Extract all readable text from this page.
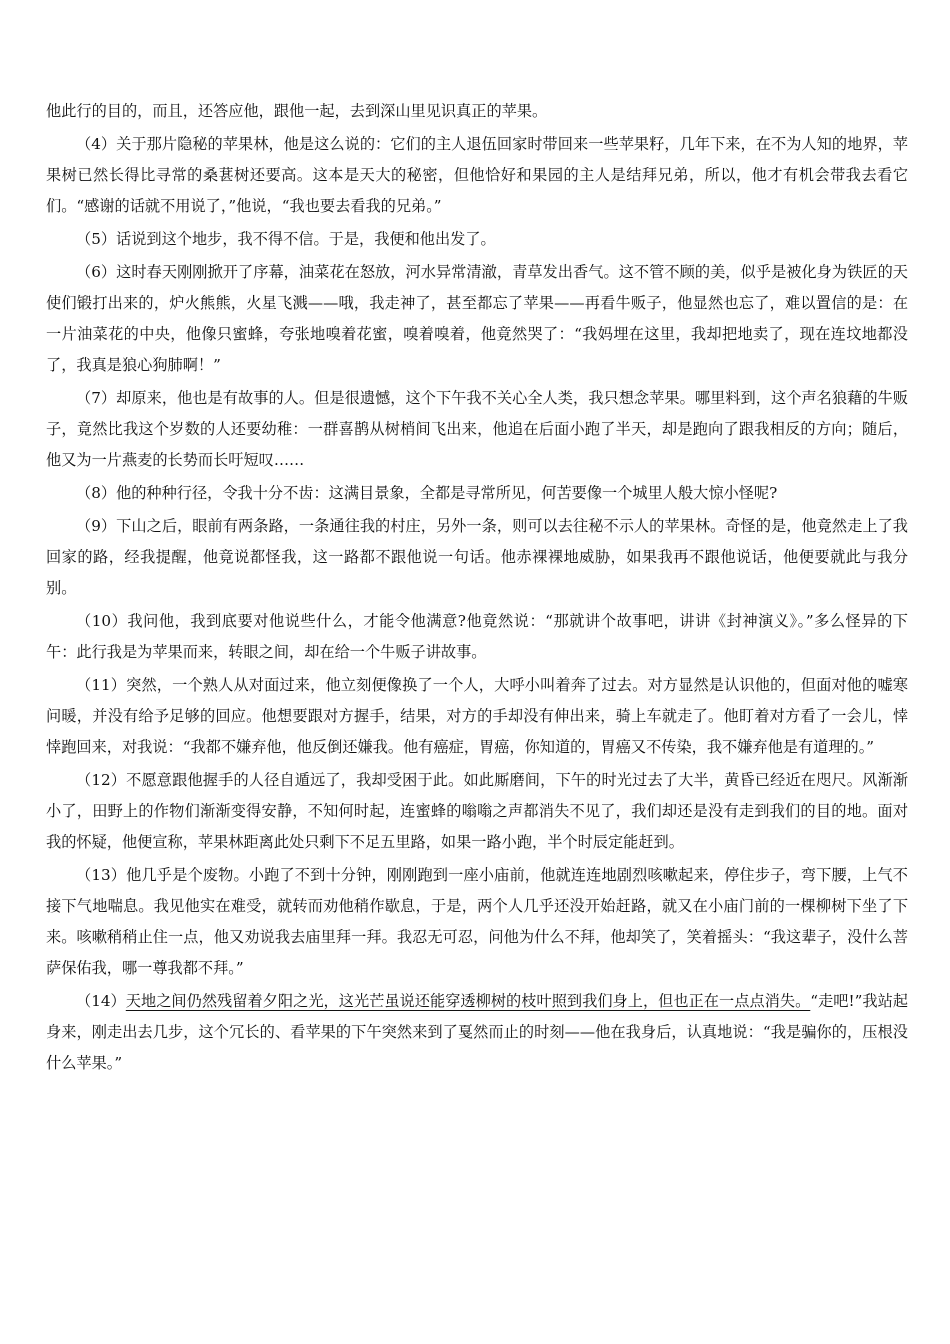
他此行的目的，而且，还答应他，跟他一起，去到深山里见识真正的苹果。

（4）关于那片隐秘的苹果林，他是这么说的：它们的主人退伍回家时带回来一些苹果籽，几年下来，在不为人知的地界，苹果树已然长得比寻常的桑葚树还要高。这本是天大的秘密，但他恰好和果园的主人是结拜兄弟，所以，他才有机会带我去看它们。“感谢的话就不用说了，”他说，“我也要去看我的兄弟。”

（5）话说到这个地步，我不得不信。于是，我便和他出发了。

（6）这时春天刚刚掀开了序幕，油菜花在怒放，河水异常清澈，青草发出香气。这不管不顾的美，似乎是被化身为铁匠的天使们锻打出来的，炉火熊熊，火星飞溅——哦，我走神了，甚至都忘了苹果——再看牛贩子，他显然也忘了，难以置信的是：在一片油菜花的中央，他像只蜜蜂，夸张地嗅着花蜜，嗅着嗅着，他竟然哭了：“我妈埋在这里，我却把地卖了，现在连坟地都没了，我真是狼心狗肺啊！”

（7）却原来，他也是有故事的人。但是很遗憾，这个下午我不关心全人类，我只想念苹果。哪里料到，这个声名狼藉的牛贩子，竟然比我这个岁数的人还要幼稚：一群喜鹊从树梢间飞出来，他追在后面小跑了半天，却是跑向了跟我相反的方向；随后，他又为一片燕麦的长势而长吁短叹……

（8）他的种种行径，令我十分不齿：这满目景象，全都是寻常所见，何苦要像一个城里人般大惊小怪呢?

（9）下山之后，眼前有两条路，一条通往我的村庄，另外一条，则可以去往秘不示人的苹果林。奇怪的是，他竟然走上了我回家的路，经我提醒，他竟说都怪我，这一路都不跟他说一句话。他赤裸裸地威胁，如果我再不跟他说话，他便要就此与我分别。

（10）我问他，我到底要对他说些什么，才能令他满意?他竟然说：“那就讲个故事吧，讲讲《封神演义》。”多么怪异的下午：此行我是为苹果而来，转眼之间，却在给一个牛贩子讲故事。

（11）突然，一个熟人从对面过来，他立刻便像换了一个人，大呼小叫着奔了过去。对方显然是认识他的，但面对他的嘘寒问暖，并没有给予足够的回应。他想要跟对方握手，结果，对方的手却没有伸出来，骑上车就走了。他盯着对方看了一会儿，悻悻跑回来，对我说：“我都不嫌弃他，他反倒还嫌我。他有癌症，胃癌，你知道的，胃癌又不传染，我不嫌弃他是有道理的。”

（12）不愿意跟他握手的人径自遁远了，我却受困于此。如此厮磨间，下午的时光过去了大半，黄昏已经近在咫尺。风渐渐小了，田野上的作物们渐渐变得安静，不知何时起，连蜜蜂的嗡嗡之声都消失不见了，我们却还是没有走到我们的目的地。面对我的怀疑，他便宣称，苹果林距离此处只剩下不足五里路，如果一路小跑，半个时辰定能赶到。

（13）他几乎是个废物。小跑了不到十分钟，刚刚跑到一座小庙前，他就连连地剧烈咳嗽起来，停住步子，弯下腰，上气不接下气地喘息。我见他实在难受，就转而劝他稍作歇息，于是，两个人几乎还没开始赶路，就又在小庙门前的一棵柳树下坐了下来。咳嗽稍稍止住一点，他又劝说我去庙里拜一拜。我忍无可忍，问他为什么不拜，他却笑了，笑着摇头：“我这辈子，没什么菩萨保佑我，哪一尊我都不拜。”

（14）天地之间仍然残留着夕阳之光，这光芒虽说还能穿透柳树的枝叶照到我们身上，但也正在一点点消失。“走吧!”我站起身来，刚走出去几步，这个冗长的、看苹果的下午突然来到了戛然而止的时刻——他在我身后，认真地说：“我是骗你的，压根没什么苹果。”
